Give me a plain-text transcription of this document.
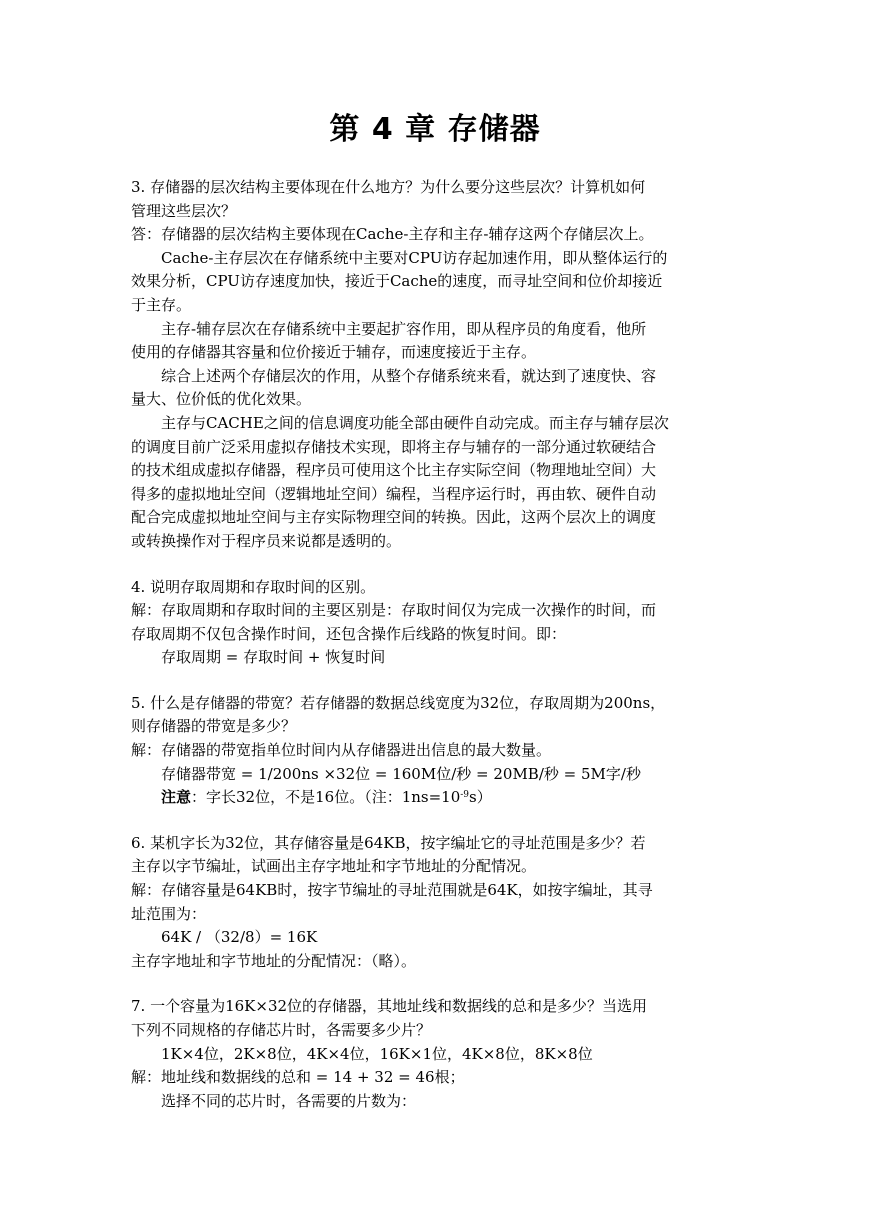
第 4 章 存储器

3. 存储器的层次结构主要体现在什么地方？为什么要分这些层次？计算机如何

管理这些层次？

答：存储器的层次结构主要体现在Cache-主存和主存-辅存这两个存储层次上。

Cache-主存层次在存储系统中主要对CPU访存起加速作用，即从整体运行的

效果分析，CPU访存速度加快，接近于Cache的速度，而寻址空间和位价却接近

于主存。

主存-辅存层次在存储系统中主要起扩容作用，即从程序员的角度看，他所

使用的存储器其容量和位价接近于辅存，而速度接近于主存。

综合上述两个存储层次的作用，从整个存储系统来看，就达到了速度快、容

量大、位价低的优化效果。

主存与CACHE之间的信息调度功能全部由硬件自动完成。而主存与辅存层次

的调度目前广泛采用虚拟存储技术实现，即将主存与辅存的一部分通过软硬结合

的技术组成虚拟存储器，程序员可使用这个比主存实际空间（物理地址空间）大

得多的虚拟地址空间（逻辑地址空间）编程，当程序运行时，再由软、硬件自动

配合完成虚拟地址空间与主存实际物理空间的转换。因此，这两个层次上的调度

或转换操作对于程序员来说都是透明的。

4. 说明存取周期和存取时间的区别。

解：存取周期和存取时间的主要区别是：存取时间仅为完成一次操作的时间，而

存取周期不仅包含操作时间，还包含操作后线路的恢复时间。即：

存取周期 = 存取时间 + 恢复时间

5. 什么是存储器的带宽？若存储器的数据总线宽度为32位，存取周期为200ns，

则存储器的带宽是多少？

解：存储器的带宽指单位时间内从存储器进出信息的最大数量。

存储器带宽 = 1/200ns ×32位 = 160M位/秒 = 20MB/秒 = 5M字/秒

注意：字长32位，不是16位。（注：$1ns=10^{-9}s$）

6. 某机字长为32位，其存储容量是64KB，按字编址它的寻址范围是多少？若

主存以字节编址，试画出主存字地址和字节地址的分配情况。

解：存储容量是64KB时，按字节编址的寻址范围就是64K，如按字编址，其寻

址范围为：

64K / （32/8）= 16K

主存字地址和字节地址的分配情况：（略）。

7. 一个容量为16K×32位的存储器，其地址线和数据线的总和是多少？当选用

下列不同规格的存储芯片时，各需要多少片？

1K×4位，2K×8位，4K×4位，16K×1位，4K×8位，8K×8位

解：地址线和数据线的总和 = 14 + 32 = 46根；

选择不同的芯片时，各需要的片数为：
